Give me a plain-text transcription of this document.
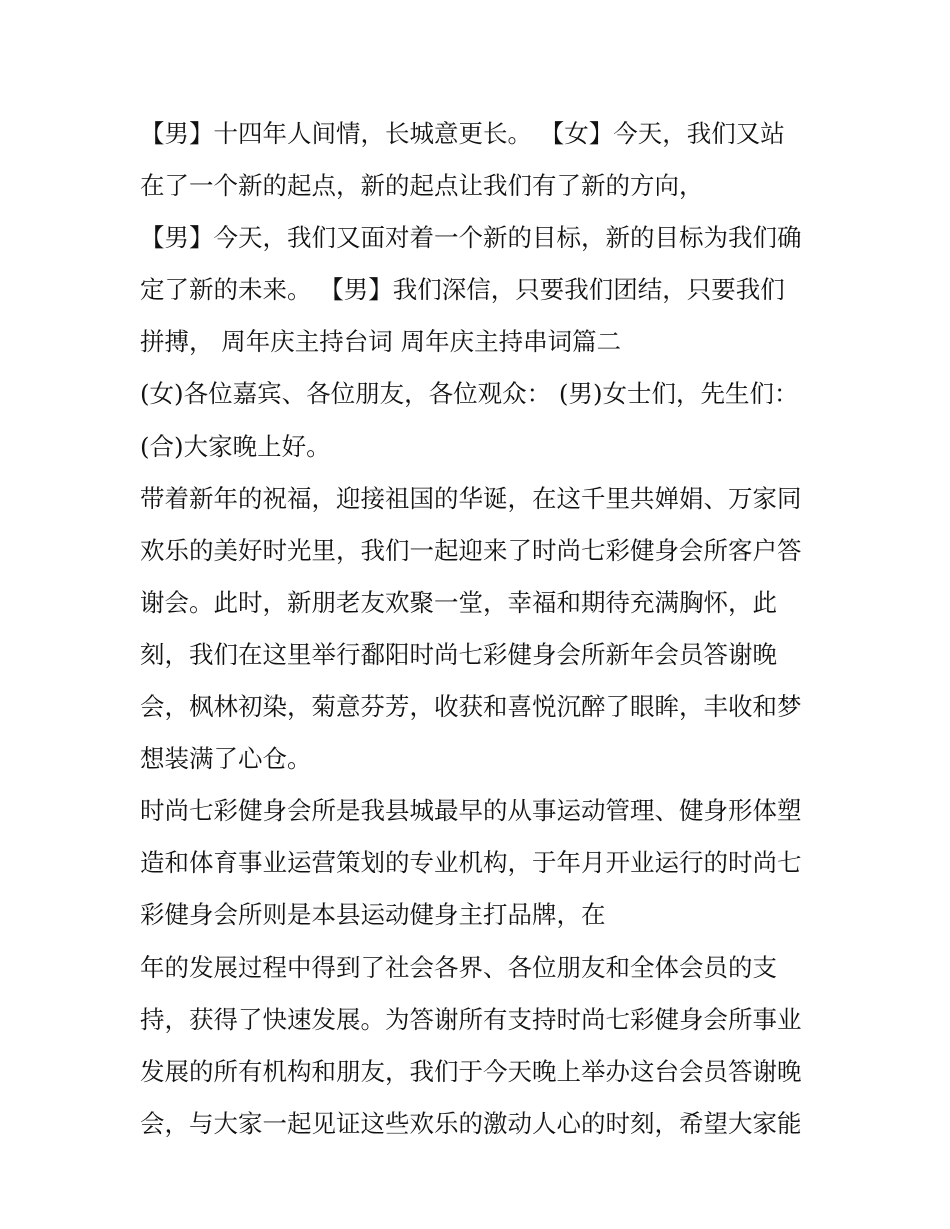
【男】十四年人间情，长城意更长。 【女】今天，我们又站
在了一个新的起点，新的起点让我们有了新的方向，
【男】今天，我们又面对着一个新的目标，新的目标为我们确
定了新的未来。 【男】我们深信，只要我们团结，只要我们
拼搏， 周年庆主持台词 周年庆主持串词篇二
(女)各位嘉宾、各位朋友，各位观众： (男)女士们，先生们：
(合)大家晚上好。
带着新年的祝福，迎接祖国的华诞，在这千里共婵娟、万家同
欢乐的美好时光里，我们一起迎来了时尚七彩健身会所客户答
谢会。此时，新朋老友欢聚一堂，幸福和期待充满胸怀，此
刻，我们在这里举行鄱阳时尚七彩健身会所新年会员答谢晚
会，枫林初染，菊意芬芳，收获和喜悦沉醉了眼眸，丰收和梦
想装满了心仓。
时尚七彩健身会所是我县城最早的从事运动管理、健身形体塑
造和体育事业运营策划的专业机构，于年月开业运行的时尚七
彩健身会所则是本县运动健身主打品牌，在
年的发展过程中得到了社会各界、各位朋友和全体会员的支
持，获得了快速发展。为答谢所有支持时尚七彩健身会所事业
发展的所有机构和朋友，我们于今天晚上举办这台会员答谢晚
会，与大家一起见证这些欢乐的激动人心的时刻，希望大家能
